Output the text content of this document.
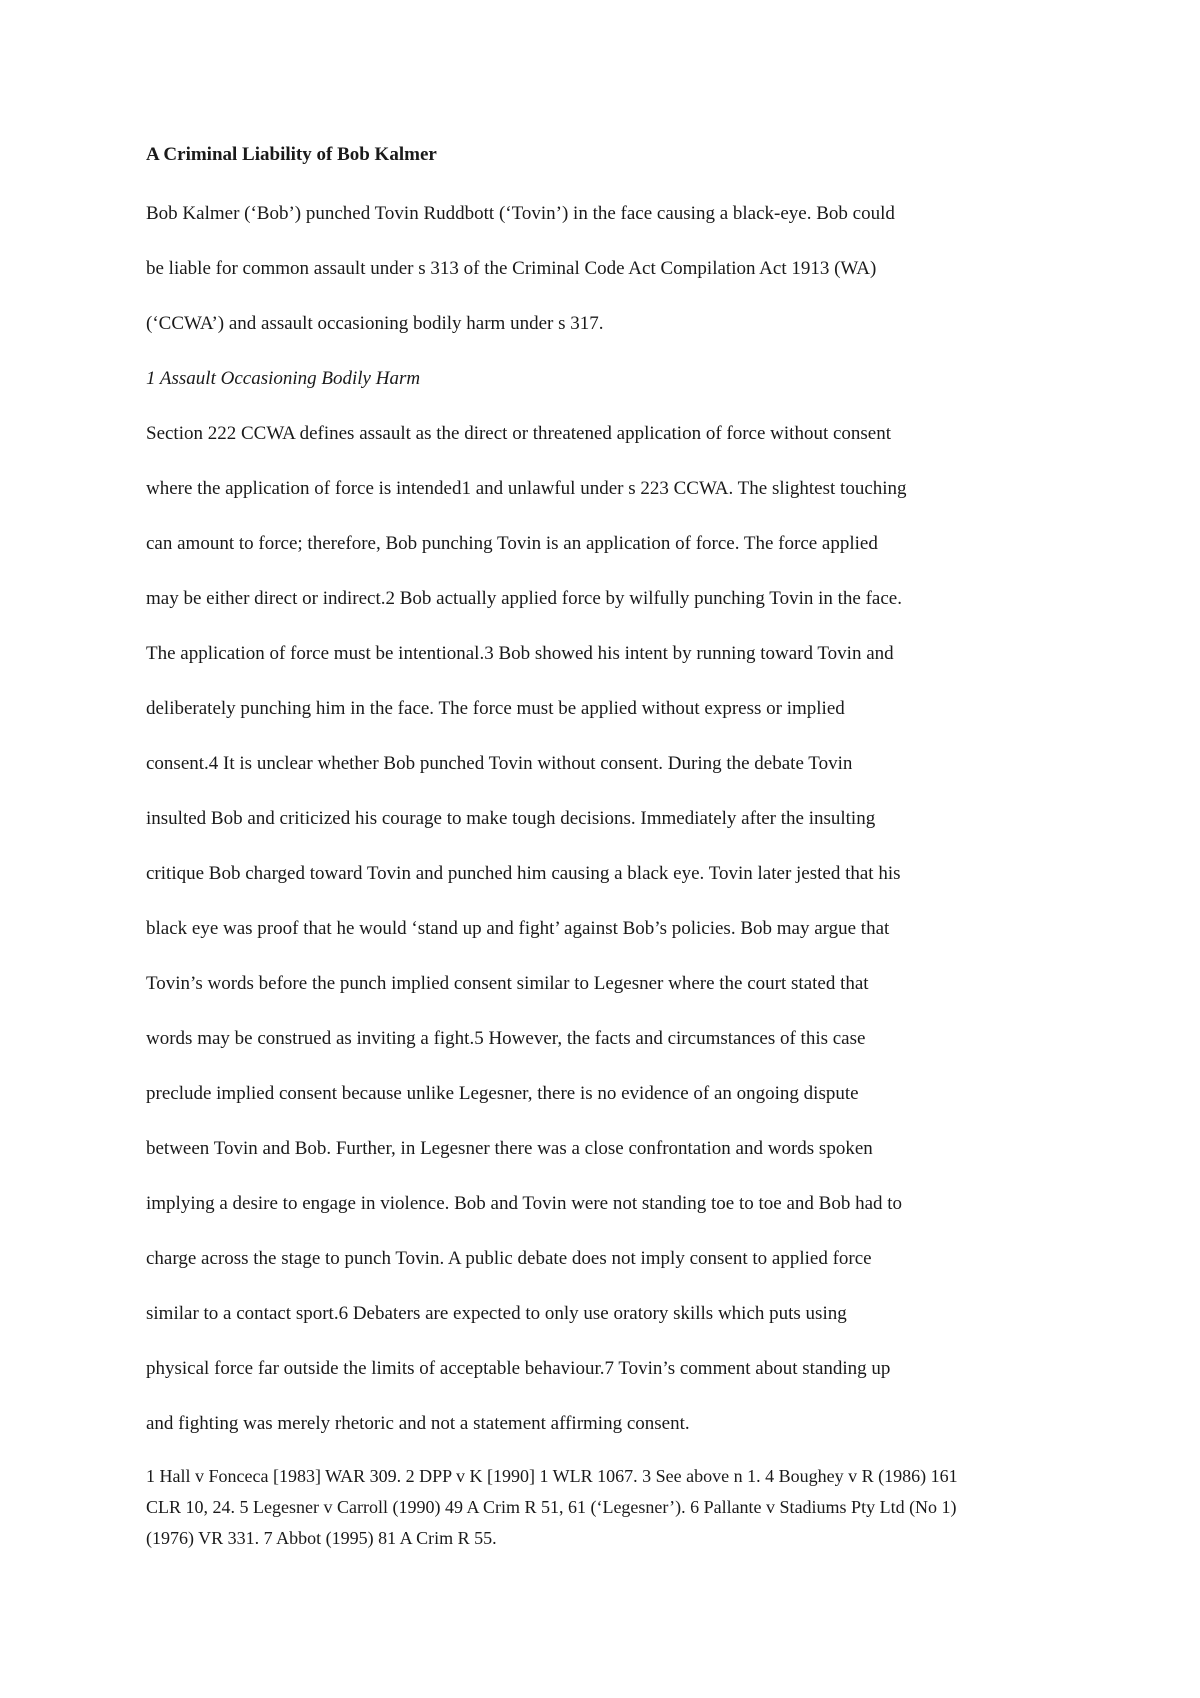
A Criminal Liability of Bob Kalmer
Bob Kalmer (‘Bob’) punched Tovin Ruddbott (‘Tovin’) in the face causing a black-eye. Bob could
be liable for common assault under s 313 of the Criminal Code Act Compilation Act 1913 (WA)
(‘CCWA’) and assault occasioning bodily harm under s 317.
1 Assault Occasioning Bodily Harm
Section 222 CCWA defines assault as the direct or threatened application of force without consent
where the application of force is intended1 and unlawful under s 223 CCWA. The slightest touching
can amount to force; therefore, Bob punching Tovin is an application of force. The force applied
may be either direct or indirect.2 Bob actually applied force by wilfully punching Tovin in the face.
The application of force must be intentional.3 Bob showed his intent by running toward Tovin and
deliberately punching him in the face. The force must be applied without express or implied
consent.4 It is unclear whether Bob punched Tovin without consent. During the debate Tovin
insulted Bob and criticized his courage to make tough decisions. Immediately after the insulting
critique Bob charged toward Tovin and punched him causing a black eye. Tovin later jested that his
black eye was proof that he would ‘stand up and fight’ against Bob’s policies. Bob may argue that
Tovin’s words before the punch implied consent similar to Legesner where the court stated that
words may be construed as inviting a fight.5 However, the facts and circumstances of this case
preclude implied consent because unlike Legesner, there is no evidence of an ongoing dispute
between Tovin and Bob. Further, in Legesner there was a close confrontation and words spoken
implying a desire to engage in violence. Bob and Tovin were not standing toe to toe and Bob had to
charge across the stage to punch Tovin. A public debate does not imply consent to applied force
similar to a contact sport.6 Debaters are expected to only use oratory skills which puts using
physical force far outside the limits of acceptable behaviour.7 Tovin’s comment about standing up
and fighting was merely rhetoric and not a statement affirming consent.
1 Hall v Fonceca [1983] WAR 309. 2 DPP v K [1990] 1 WLR 1067. 3 See above n 1. 4 Boughey v R (1986) 161
CLR 10, 24. 5 Legesner v Carroll (1990) 49 A Crim R 51, 61 (‘Legesner’). 6 Pallante v Stadiums Pty Ltd (No 1)
(1976) VR 331. 7 Abbot (1995) 81 A Crim R 55.
